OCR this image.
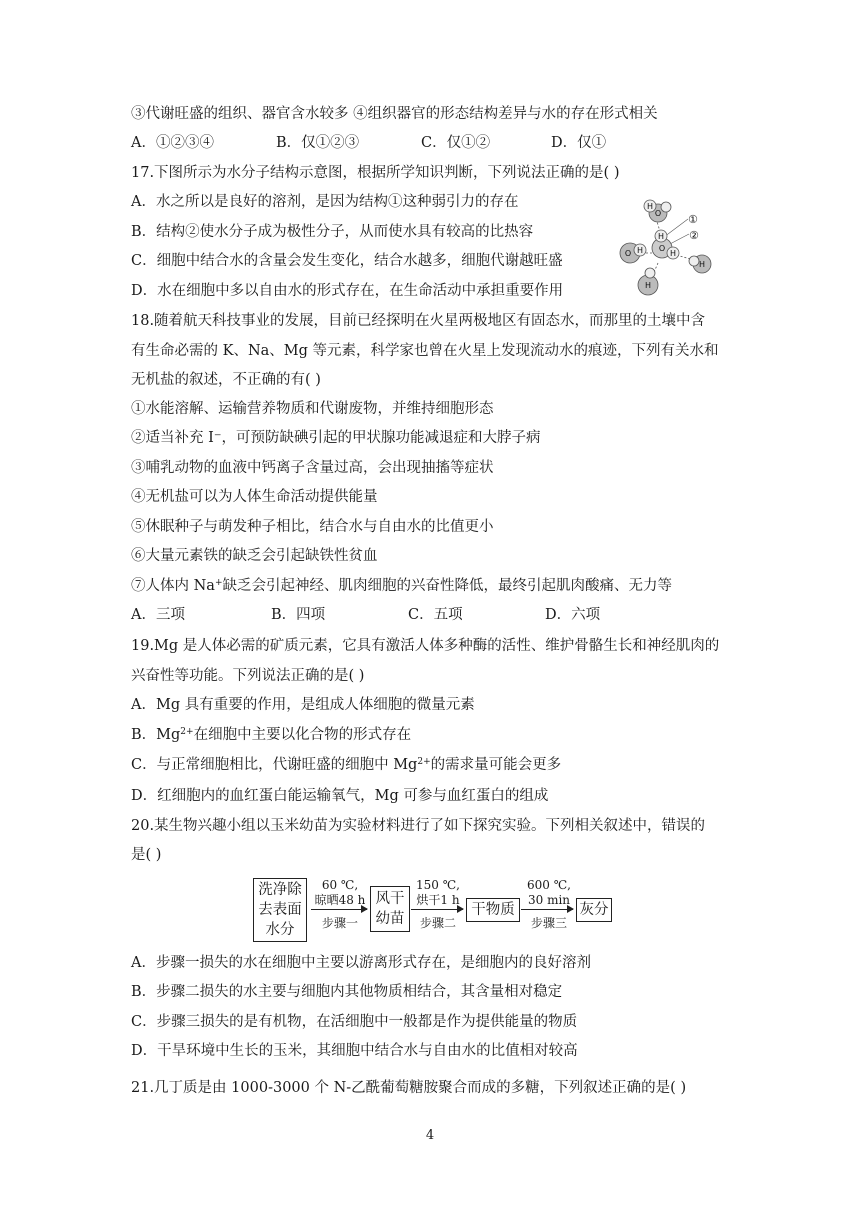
③代谢旺盛的组织、器官含水较多 ④组织器官的形态结构差异与水的存在形式相关

A．①②③④	B．仅①②③	C．仅①②	D．仅①

17.下图所示为水分子结构示意图，根据所学知识判断，下列说法正确的是( )

A．水之所以是良好的溶剂，是因为结构①这种弱引力的存在

B．结构②使水分子成为极性分子，从而使水具有较高的比热容

C．细胞中结合水的含量会发生变化，结合水越多，细胞代谢越旺盛

D．水在细胞中多以自由水的形式存在，在生命活动中承担重要作用

O
H
O
H
H
O H
H
H
①
②

18.随着航天科技事业的发展，目前已经探明在火星两极地区有固态水，而那里的土壤中含

有生命必需的 K、Na、Mg 等元素，科学家也曾在火星上发现流动水的痕迹，下列有关水和

无机盐的叙述，不正确的有( )

①水能溶解、运输营养物质和代谢废物，并维持细胞形态

②适当补充 I⁻，可预防缺碘引起的甲状腺功能减退症和大脖子病

③哺乳动物的血液中钙离子含量过高，会出现抽搐等症状

④无机盐可以为人体生命活动提供能量

⑤休眠种子与萌发种子相比，结合水与自由水的比值更小

⑥大量元素铁的缺乏会引起缺铁性贫血

⑦人体内 Na+缺乏会引起神经、肌肉细胞的兴奋性降低，最终引起肌肉酸痛、无力等

A．三项	B．四项	C．五项	D．六项

19.Mg 是人体必需的矿质元素，它具有激活人体多种酶的活性、维护骨骼生长和神经肌肉的

兴奋性等功能。下列说法正确的是( )

A．Mg 具有重要的作用，是组成人体细胞的微量元素

B．$Mg^{2+}$在细胞中主要以化合物的形式存在

C．与正常细胞相比，代谢旺盛的细胞中 $Mg^{2+}$的需求量可能会更多

D．红细胞内的血红蛋白能运输氧气，Mg 可参与血红蛋白的组成

20.某生物兴趣小组以玉米幼苗为实验材料进行了如下探究实验。下列相关叙述中，错误的

是( )

洗净除
去表面
水分
60 ℃,
晾晒48 h
步骤一
风干
幼苗
150 ℃,
烘干1 h
步骤二
干物质
600 ℃,
30 min
步骤三
灰分

A．步骤一损失的水在细胞中主要以游离形式存在，是细胞内的良好溶剂

B．步骤二损失的水主要与细胞内其他物质相结合，其含量相对稳定

C．步骤三损失的是有机物，在活细胞中一般都是作为提供能量的物质

D．干旱环境中生长的玉米，其细胞中结合水与自由水的比值相对较高

21.几丁质是由 1000-3000 个 N-乙酰葡萄糖胺聚合而成的多糖，下列叙述正确的是( )

4
